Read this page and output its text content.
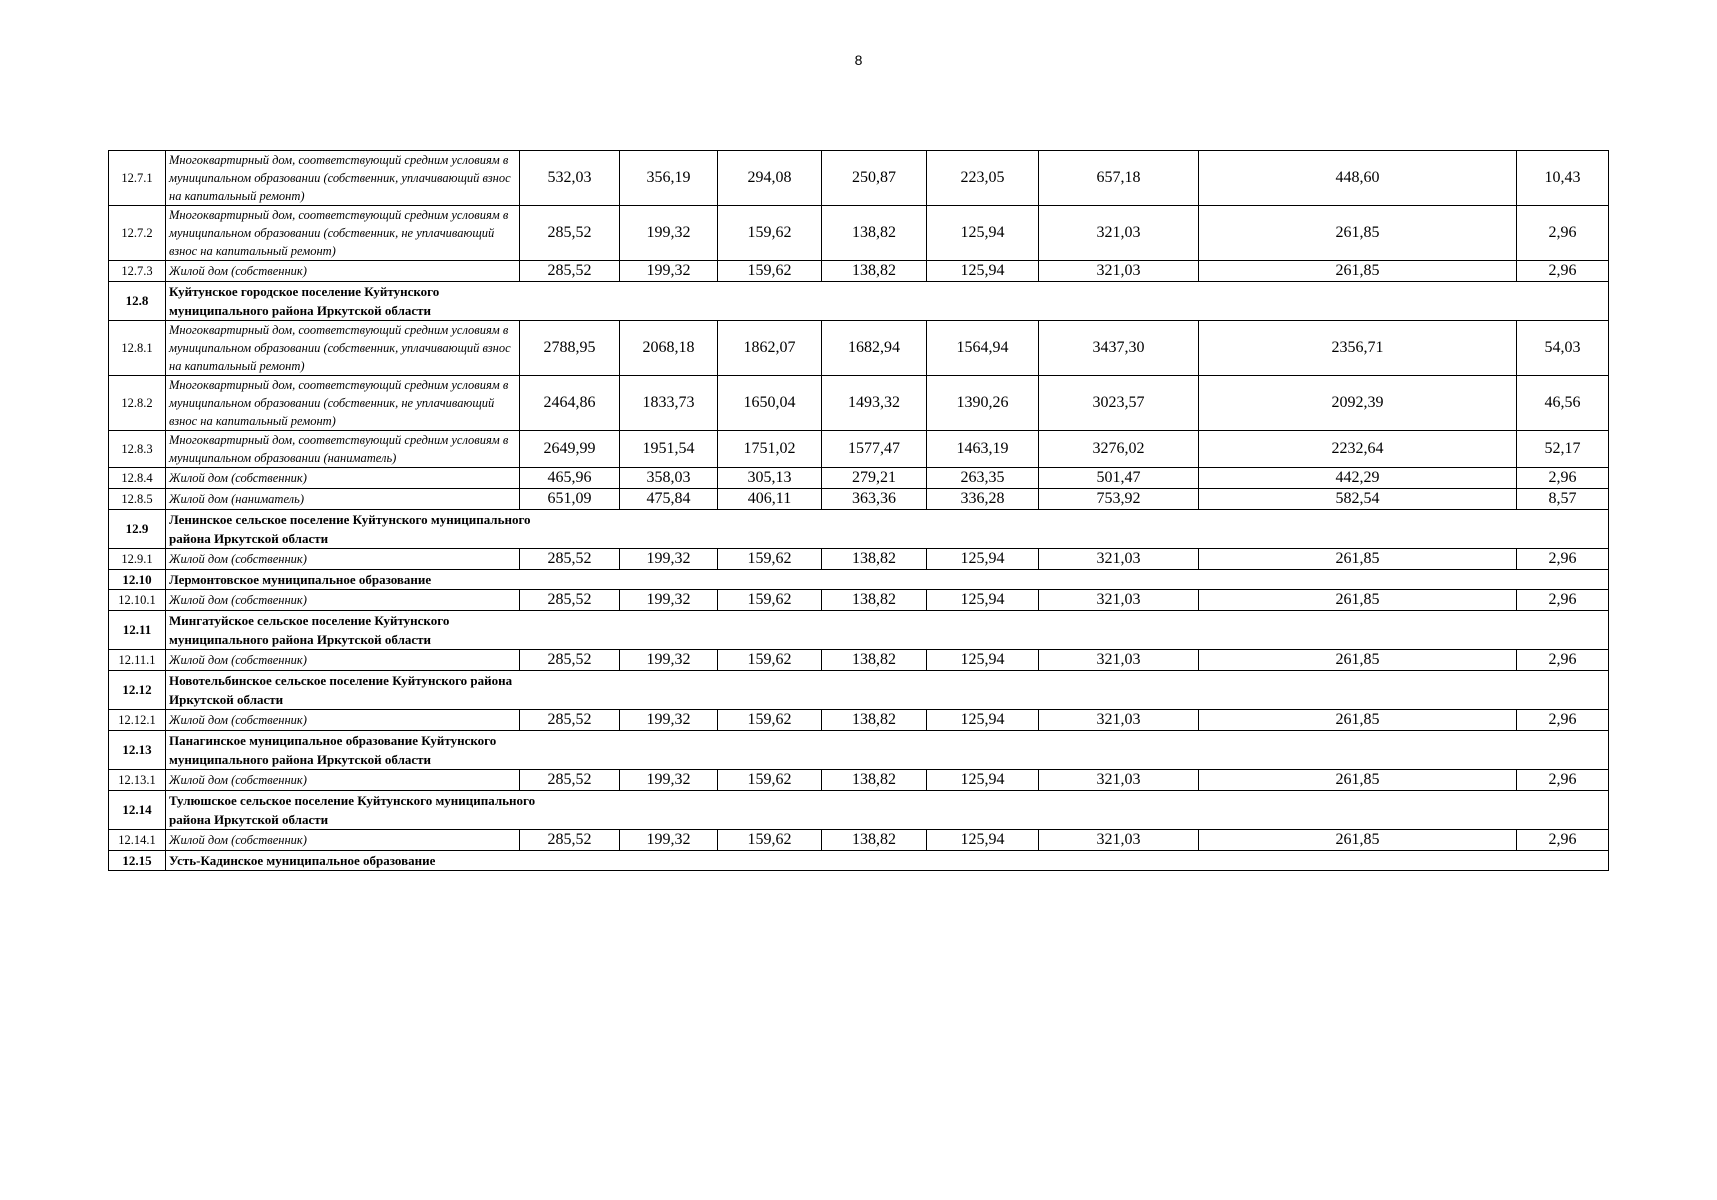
8
12.7.1	Многоквартирный дом, соответствующий средним условиям в муниципальном образовании (собственник, уплачивающий взнос на капитальный ремонт)	532,03	356,19	294,08	250,87	223,05	657,18	448,60	10,43
12.7.2	Многоквартирный дом, соответствующий средним условиям в муниципальном образовании (собственник, не уплачивающий взнос на капитальный ремонт)	285,52	199,32	159,62	138,82	125,94	321,03	261,85	2,96
12.7.3	Жилой дом (собственник)	285,52	199,32	159,62	138,82	125,94	321,03	261,85	2,96
12.8	Куйтунское городское поселение Куйтунского муниципального района Иркутской области								
12.8.1	Многоквартирный дом, соответствующий средним условиям в муниципальном образовании (собственник, уплачивающий взнос на капитальный ремонт)	2788,95	2068,18	1862,07	1682,94	1564,94	3437,30	2356,71	54,03
12.8.2	Многоквартирный дом, соответствующий средним условиям в муниципальном образовании (собственник, не уплачивающий взнос на капитальный ремонт)	2464,86	1833,73	1650,04	1493,32	1390,26	3023,57	2092,39	46,56
12.8.3	Многоквартирный дом, соответствующий средним условиям в муниципальном образовании (наниматель)	2649,99	1951,54	1751,02	1577,47	1463,19	3276,02	2232,64	52,17
12.8.4	Жилой дом (собственник)	465,96	358,03	305,13	279,21	263,35	501,47	442,29	2,96
12.8.5	Жилой дом (наниматель)	651,09	475,84	406,11	363,36	336,28	753,92	582,54	8,57
12.9	Ленинское сельское поселение Куйтунского муниципального района Иркутской области								
12.9.1	Жилой дом (собственник)	285,52	199,32	159,62	138,82	125,94	321,03	261,85	2,96
12.10	Лермонтовское муниципальное образование								
12.10.1	Жилой дом (собственник)	285,52	199,32	159,62	138,82	125,94	321,03	261,85	2,96
12.11	Мингатуйское сельское поселение Куйтунского муниципального района Иркутской области								
12.11.1	Жилой дом (собственник)	285,52	199,32	159,62	138,82	125,94	321,03	261,85	2,96
12.12	Новотельбинское сельское поселение Куйтунского района Иркутской области								
12.12.1	Жилой дом (собственник)	285,52	199,32	159,62	138,82	125,94	321,03	261,85	2,96
12.13	Панагинское муниципальное образование Куйтунского муниципального района Иркутской области								
12.13.1	Жилой дом (собственник)	285,52	199,32	159,62	138,82	125,94	321,03	261,85	2,96
12.14	Тулюшское сельское поселение Куйтунского муниципального района Иркутской области								
12.14.1	Жилой дом (собственник)	285,52	199,32	159,62	138,82	125,94	321,03	261,85	2,96
12.15	Усть-Кадинское муниципальное образование								
